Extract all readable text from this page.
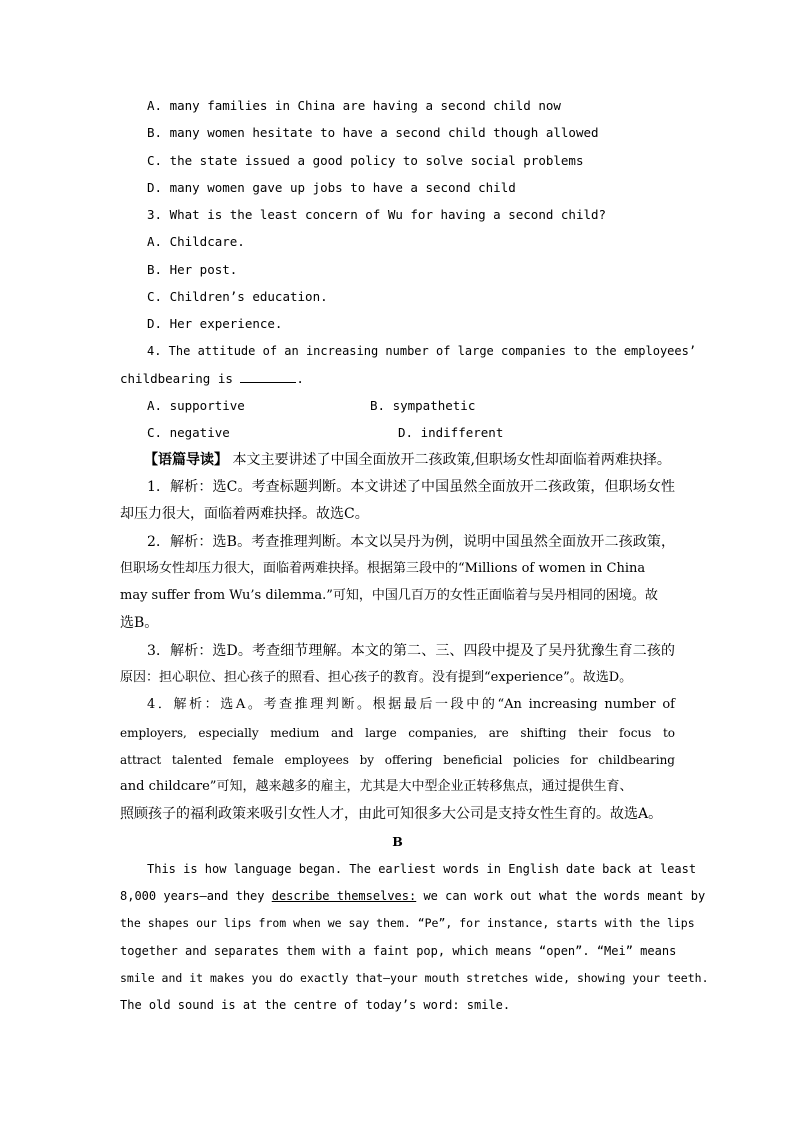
A. many families in China are having a second child now
B. many women hesitate to have a second child though allowed
C. the state issued a good policy to solve social problems
D. many women gave up jobs to have a second child
3. What is the least concern of Wu for having a second child?
A. Childcare.
B. Her post.
C. Children’s education.
D. Her experience.
4. The attitude of an increasing number of large companies to the employees’
childbearing is	.
A. supportive	B. sympathetic
C. negative	D. indifferent
【语篇导读】 本文主要讲述了中国全面放开二孩政策,但职场女性却面临着两难抉择。
1．解析：选C。考查标题判断。本文讲述了中国虽然全面放开二孩政策，但职场女性
却压力很大，面临着两难抉择。故选C。
2．解析：选B。考查推理判断。本文以吴丹为例，说明中国虽然全面放开二孩政策，
但职场女性却压力很大，面临着两难抉择。根据第三段中的“Millions of women in China
may suffer from Wu’s dilemma.”可知，中国几百万的女性正面临着与吴丹相同的困境。故
选B。
3．解析：选D。考查细节理解。本文的第二、三、四段中提及了吴丹犹豫生育二孩的
原因：担心职位、担心孩子的照看、担心孩子的教育。没有提到“experience”。故选D。
4．解析：选A。考查推理判断。根据最后一段中的“An increasing number of
employers, especially medium and large companies, are shifting their focus to
attract talented female employees by offering beneficial policies for childbearing
and childcare”可知，越来越多的雇主，尤其是大中型企业正转移焦点，通过提供生育、
照顾孩子的福利政策来吸引女性人才，由此可知很多大公司是支持女性生育的。故选A。
B
This is how language began. The earliest words in English date back at least
8,000 years—and they describe themselves: we can work out what the words meant by
the shapes our lips from when we say them. “Pe”, for instance, starts with the lips
together and separates them with a faint pop, which means “open”. “Mei” means
smile and it makes you do exactly that—your mouth stretches wide, showing your teeth.
The old sound is at the centre of today’s word: smile.
